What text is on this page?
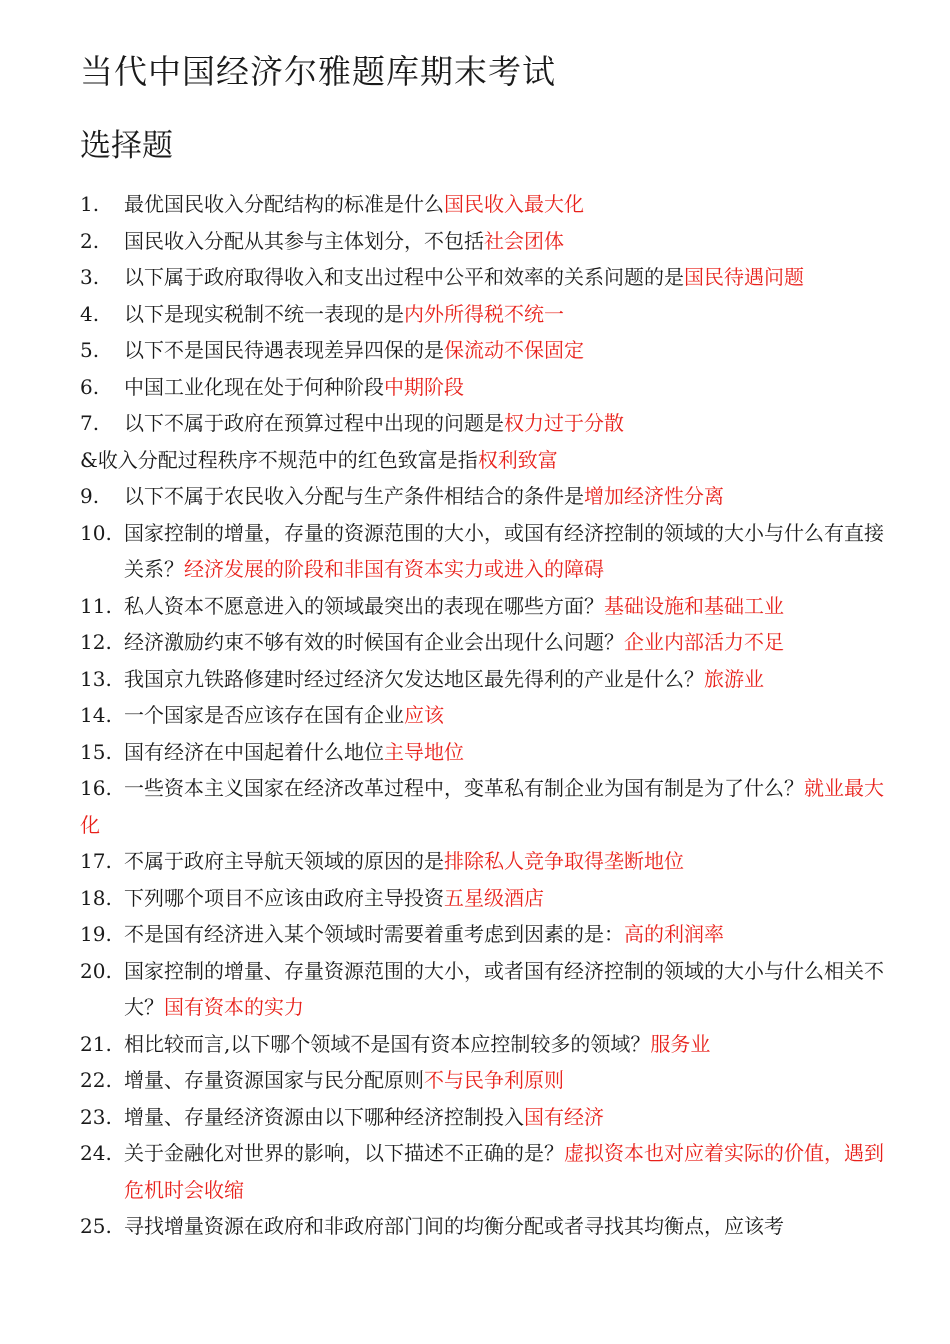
当代中国经济尔雅题库期末考试
选择题
1. 最优国民收入分配结构的标准是什么国民收入最大化
2. 国民收入分配从其参与主体划分，不包括社会团体
3. 以下属于政府取得收入和支出过程中公平和效率的关系问题的是国民待遇问题
4. 以下是现实税制不统一表现的是内外所得税不统一
5. 以下不是国民待遇表现差异四保的是保流动不保固定
6. 中国工业化现在处于何种阶段中期阶段
7. 以下不属于政府在预算过程中出现的问题是权力过于分散
&收入分配过程秩序不规范中的红色致富是指权利致富
9. 以下不属于农民收入分配与生产条件相结合的条件是增加经济性分离
10. 国家控制的增量，存量的资源范围的大小，或国有经济控制的领域的大小与什么有直接关系？经济发展的阶段和非国有资本实力或进入的障碍
11. 私人资本不愿意进入的领域最突出的表现在哪些方面？基础设施和基础工业
12. 经济激励约束不够有效的时候国有企业会出现什么问题？企业内部活力不足
13. 我国京九铁路修建时经过经济欠发达地区最先得利的产业是什么？旅游业
14. 一个国家是否应该存在国有企业应该
15. 国有经济在中国起着什么地位主导地位
16. 一些资本主义国家在经济改革过程中，变革私有制企业为国有制是为了什么？就业最大化
17. 不属于政府主导航天领域的原因的是排除私人竞争取得垄断地位
18. 下列哪个项目不应该由政府主导投资五星级酒店
19. 不是国有经济进入某个领域时需要着重考虑到因素的是：高的利润率
20. 国家控制的增量、存量资源范围的大小，或者国有经济控制的领域的大小与什么相关不大？国有资本的实力
21. 相比较而言,以下哪个领域不是国有资本应控制较多的领域？服务业
22. 增量、存量资源国家与民分配原则不与民争利原则
23. 增量、存量经济资源由以下哪种经济控制投入国有经济
24. 关于金融化对世界的影响，以下描述不正确的是？虚拟资本也对应着实际的价值，遇到危机时会收缩
25. 寻找增量资源在政府和非政府部门间的均衡分配或者寻找其均衡点，应该考
